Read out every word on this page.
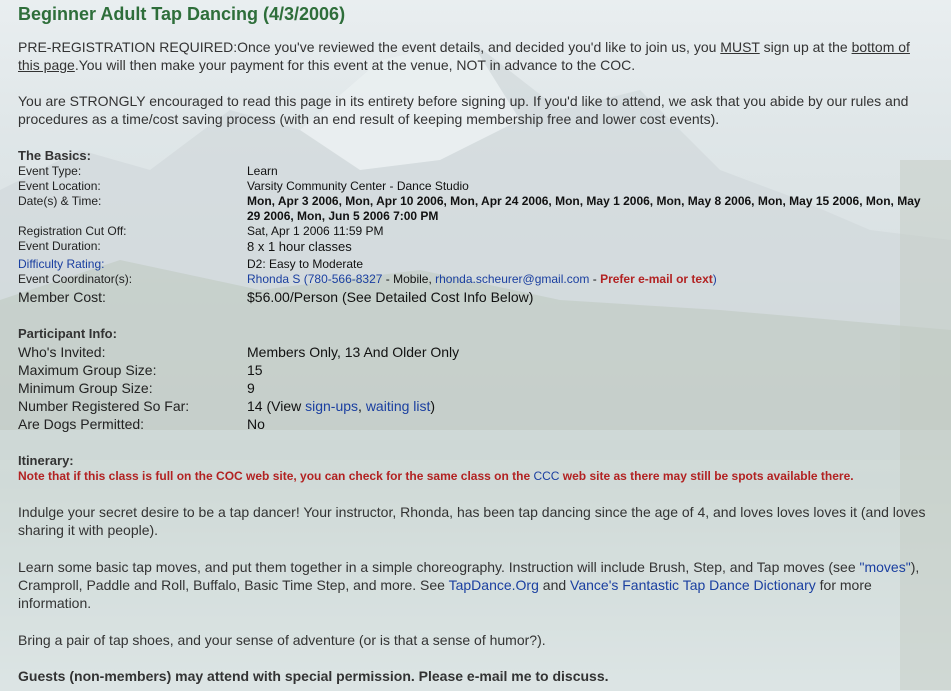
Beginner Adult Tap Dancing (4/3/2006)
PRE-REGISTRATION REQUIRED:Once you've reviewed the event details, and decided you'd like to join us, you MUST sign up at the bottom of this page.You will then make your payment for this event at the venue, NOT in advance to the COC.
You are STRONGLY encouraged to read this page in its entirety before signing up. If you'd like to attend, we ask that you abide by our rules and procedures as a time/cost saving process (with an end result of keeping membership free and lower cost events).
The Basics:
Event Type:	Learn
Event Location:	Varsity Community Center - Dance Studio
Date(s) & Time:	Mon, Apr 3 2006, Mon, Apr 10 2006, Mon, Apr 24 2006, Mon, May 1 2006, Mon, May 8 2006, Mon, May 15 2006, Mon, May 29 2006, Mon, Jun 5 2006 7:00 PM
Registration Cut Off:	Sat, Apr 1 2006 11:59 PM
Event Duration:	8 x 1 hour classes
Difficulty Rating:	D2: Easy to Moderate
Event Coordinator(s):	Rhonda S (780-566-8327 - Mobile, rhonda.scheurer@gmail.com - Prefer e-mail or text)
Member Cost:	$56.00/Person (See Detailed Cost Info Below)
Participant Info:
Who's Invited:	Members Only, 13 And Older Only
Maximum Group Size:	15
Minimum Group Size:	9
Number Registered So Far:	14 (View sign-ups, waiting list)
Are Dogs Permitted:	No
Itinerary:
Note that if this class is full on the COC web site, you can check for the same class on the CCC web site as there may still be spots available there.
Indulge your secret desire to be a tap dancer! Your instructor, Rhonda, has been tap dancing since the age of 4, and loves loves loves it (and loves sharing it with people).
Learn some basic tap moves, and put them together in a simple choreography. Instruction will include Brush, Step, and Tap moves (see "moves"), Cramproll, Paddle and Roll, Buffalo, Basic Time Step, and more. See TapDance.Org and Vance's Fantastic Tap Dance Dictionary for more information.
Bring a pair of tap shoes, and your sense of adventure (or is that a sense of humor?).
Guests (non-members) may attend with special permission. Please e-mail me to discuss.
